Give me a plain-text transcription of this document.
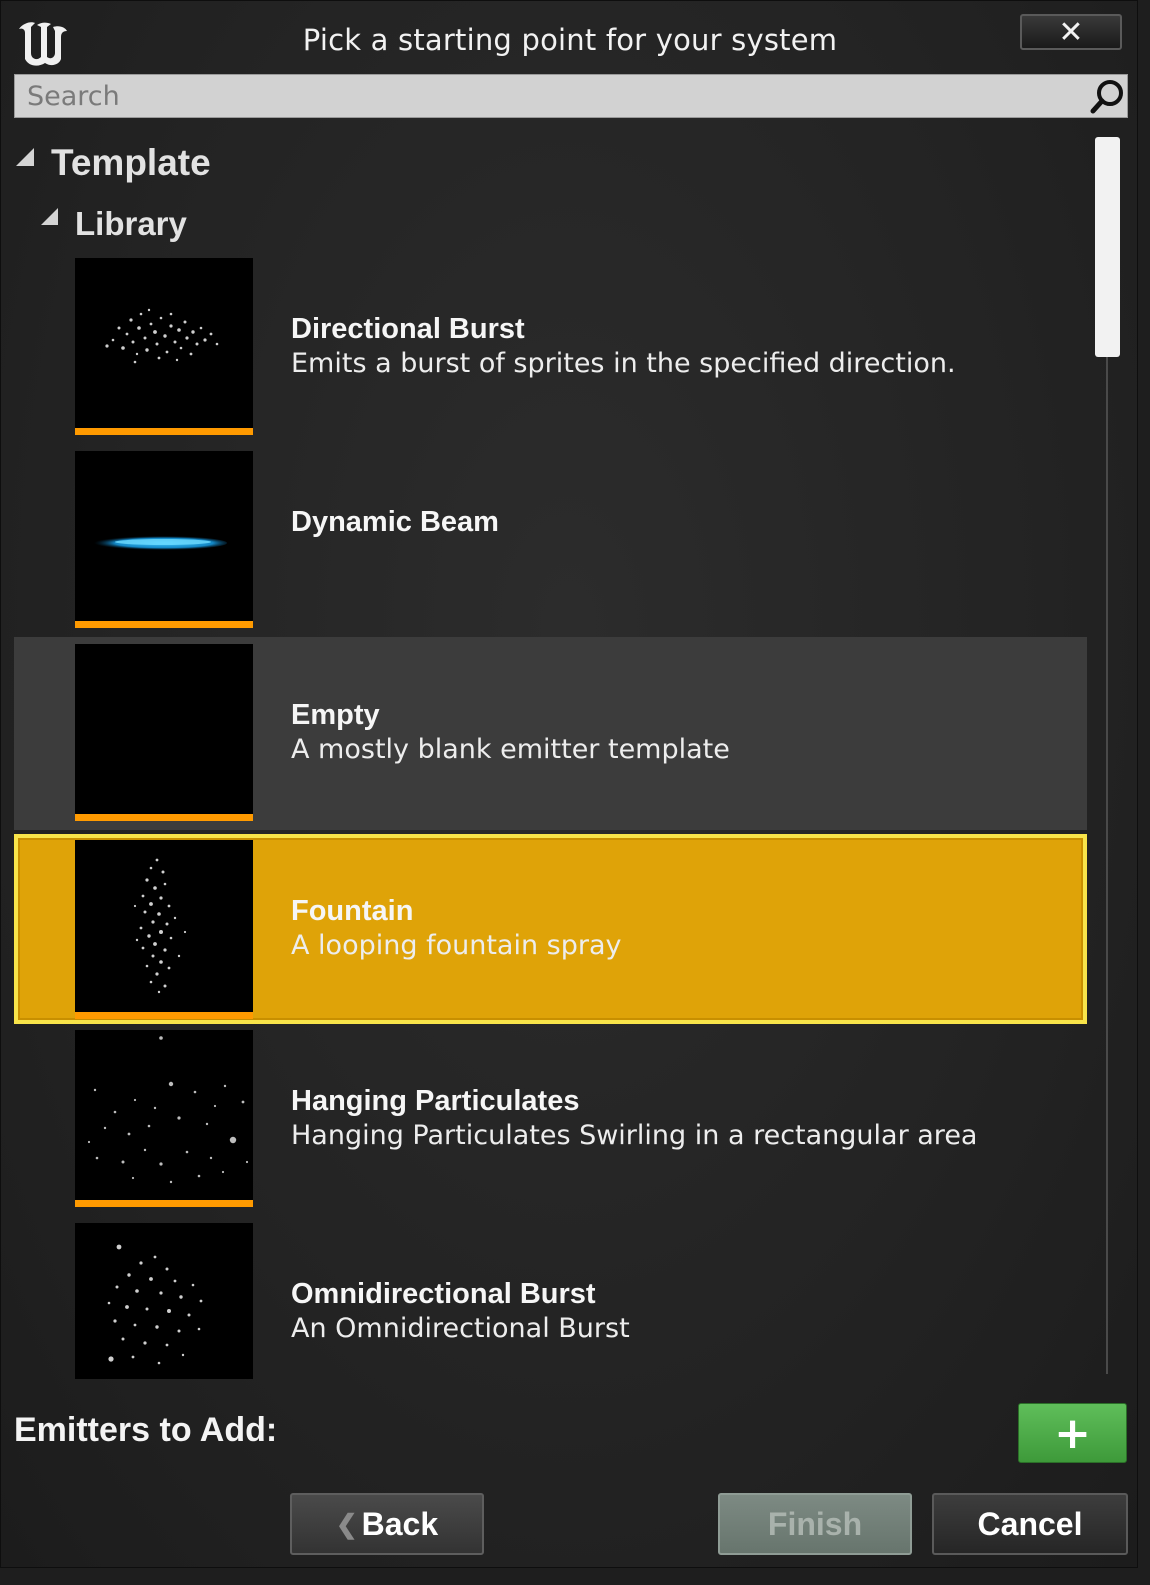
Pick a starting point for your system	✕
Search
Template
Library
Directional Burst
Emits a burst of sprites in the specified direction.
Dynamic Beam
Empty
A mostly blank emitter template
Fountain
A looping fountain spray
Hanging Particulates
Hanging Particulates Swirling in a rectangular area
Omnidirectional Burst
An Omnidirectional Burst
Emitters to Add:	+
❮ Back	Finish	Cancel
